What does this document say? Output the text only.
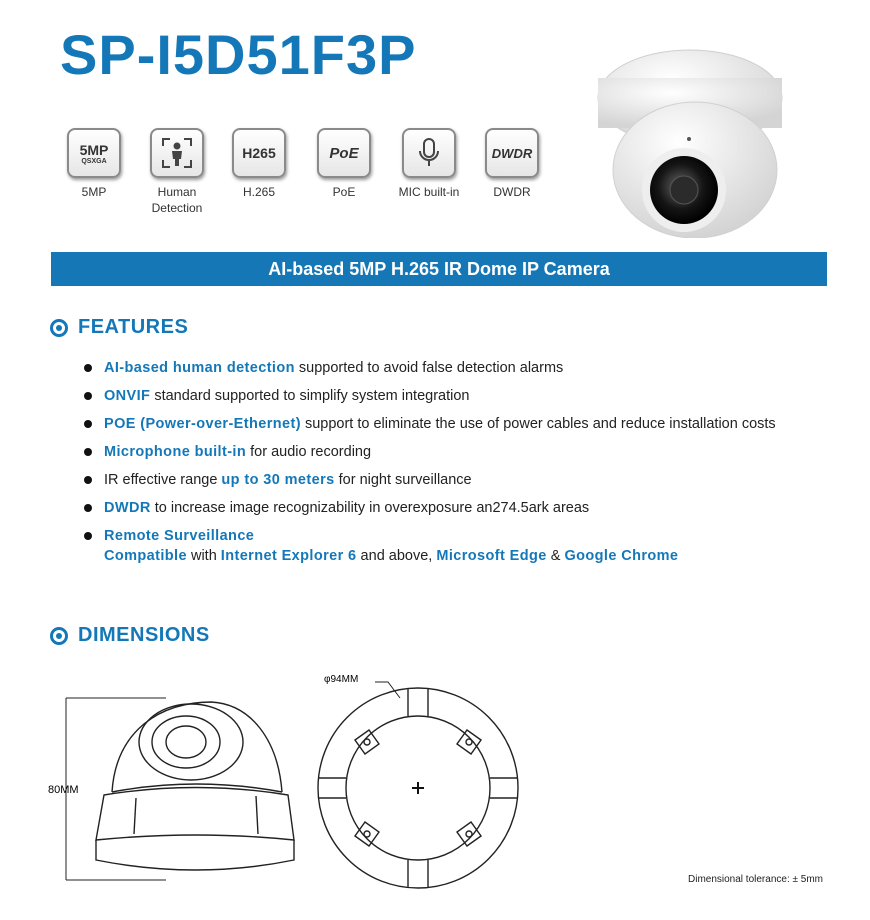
SP-I5D51F3P
5MP
QSXGA
5MP	Human
Detection
H265
H.265
PoE
PoE	MIC built-in
DWDR
DWDR
AI-based 5MP H.265 IR Dome IP Camera
FEATURES
AI-based human detection supported to avoid false detection alarms
ONVIF standard supported to simplify system integration
POE (Power-over-Ethernet) support to eliminate the use of power cables and reduce installation costs
Microphone built-in for audio recording
IR effective range up to 30 meters for night surveillance
DWDR to increase image recognizability in overexposure an274.5ark areas
Remote Surveillance
Compatible with Internet Explorer 6 and above, Microsoft Edge & Google Chrome
DIMENSIONS
80MM
φ94MM
Dimensional tolerance: ± 5mm
